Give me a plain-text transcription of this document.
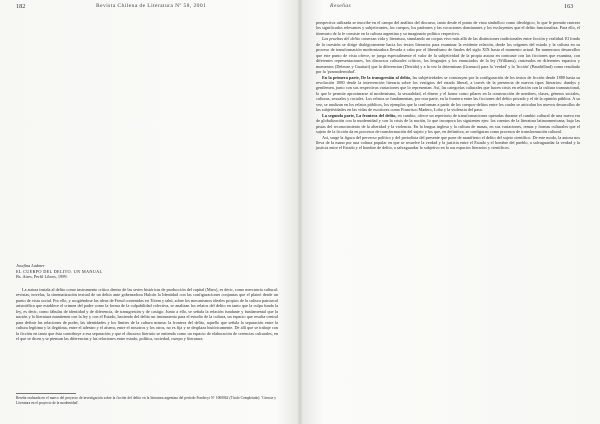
182	Revista Chilena de Literatura Nº 58, 2001
Josefina Ludmer
EL CUERPO DEL DELITO. UN MANUAL
Bs. Aires, Perfil Libros, 1999.

La autora instala al delito como instrumento crítico dentro de las series históricas de producción del capital (Marx), es decir, como mercancía cultural: revistas, novelas, la cinematización textual de un delito ante gobernadora Halcón la Identidad con las configuraciones conjuntas que el plateó desde un punto de vista social. Por ello, y acogiéndose las ideas de Freud contenidas en Tótem y tabú, sobre los mecanismos ideales propios de la cultura patriarcal aristotélica que establece el crimen del padre como la forma de la culpabilidad colectiva, se analizan los relatos del delito en tanto que la culpa funda la ley, es decir, como fábulas de identidad y de diferencia, de transgresión y de castigo. Junto a ello, se señala la relación fundante y fundamental que la nación y la literatura mantienen con la ley y con el Estado, haciendo del delito un instrumento para el estudio de la cultura, un espacio que resulta central para definir las relaciones de poder, las identidades y los límites de la cultura misma: la frontera del delito, aquello que señala la separación entre la cultura legítima y la ilegítima, entre el adentro y el afuera, entre el nosotros y los otros, no es fija y se desplaza históricamente. De allí que se trabaje con la ficción en tanto que ésta contribuye a esa separación y que el discurso literario se entienda como un espacio de elaboración de creencias culturales, en el que se dicen y se piensan las diferencias y las relaciones entre estado, política, sociedad, cuerpo y literatura.

Reseña realizada en el marco del proyecto de investigación sobre la ficción del delito en la literatura argentina del período Fondecyt Nº 1000062 (Título Completado): 'Ciencia y Literatura en el proyecto de la modernidad'.
Reseñas	163

perspectiva utilizada se inscribe en el campo del análisis del discurso, tanto desde el punto de vista simbólico como ideológico, lo que le permite rastrear los significados relevantes y subjetivantes, los cuerpos, los padrones y las vocaciones dominantes y los excluyentes que el delito funcionaliza. Para ello, el itinerario de la fe consiste en la cultura argentina y su imaginario político respectivo.

Las pruebas del delito conectan vida y literatura, simulando un corpus vivo más allá de las distinciones tradicionales entre ficción y realidad. El fondo de la cuestión se dirige dialógicamente hacia los textos literarios para examinar la evidente relación, desde los orígenes del estado y la cultura en su proceso de transformación modernizadora llevada a cabo por el liberalismo de finales del siglo XIX hasta el momento actual. En numerosos desarrollos que este punto de vista ofrece, se juega especialmente el valor de la subjetividad de la propia autora en contraste con las ficciones que examina, con diferentes representaciones, los discursos culturales críticos, los lenguajes y los enunciados de la ley (Williams), rastreados en diferentes espacios y momentos (Deleuze y Guattari) que la diferencian (Derrida) y a la vez la determinan (Gramsci) para la 'verdad' y la 'ficción' (Baudrillard) como resultado por la 'posmodernidad'.

En la primera parte, De la transgresión al delito, las subjetividades se construyen por la configuración de los textos de ficción desde 1880 hasta su revolución 1880 desde la intervención literaria sobre los vestigios del estado liberal, a través de la presencia de nuevos tipos literarios: dandys y gentlemen, junto con sus respectivas variaciones que lo representan. Así, las categorías culturales que hacen crisis en relación con la cultura transnacional, lo que le permite aproximarse al modernismo, la sexualidad, el dinero y el honor como pilares en la construcción de nombres, clases, géneros sociales, culturas, sexuales y raciales. Los relatos se fundamentan, por otra parte, en la frontera entre las ficciones del delito privado y el de la opinión pública. A su vez, se analizan en los relatos públicos, los ejemplos que la conforman a partir de los cuerpos-delitos entre los cuales se articulan los nuevos desarrollos de las subjetividades en las vidas de escritores como Francisco Madero, Lobo y la violencia del paso.

La segunda parte, La frontera del delito, en cambio, ofrece un repertorio de transformaciones operadas durante el cambio cultural de una nueva era de globalización con la modernidad y con la crisis de la nación, lo que incorpora los siguientes ejes: los cuentos de la literatura latinoamericana, bajo las pistas del reconocimiento de la alteridad y la violencia. En la lengua inglesa y la cultura de masas, en sus variaciones, temas y formas culturales que el sujeto de la ficción da en procesos de transformación del sujeto y los que, en definitiva, se configuran como procesos de transformación cultural.

Así, surge la figura del perverso político y del periodista del presente que pone de manifiesto el delito del sujeto científico. De este modo, la autora nos lleva de la mano por una cultura popular en que se resuelve la verdad y la justicia entre el Estado y el hombre del pueblo, a salvaguardar la verdad y la justicia entre el Estado y el hombre de delito, a salvaguardar lo subjetivo en la sus espacios literarios y científicos.
